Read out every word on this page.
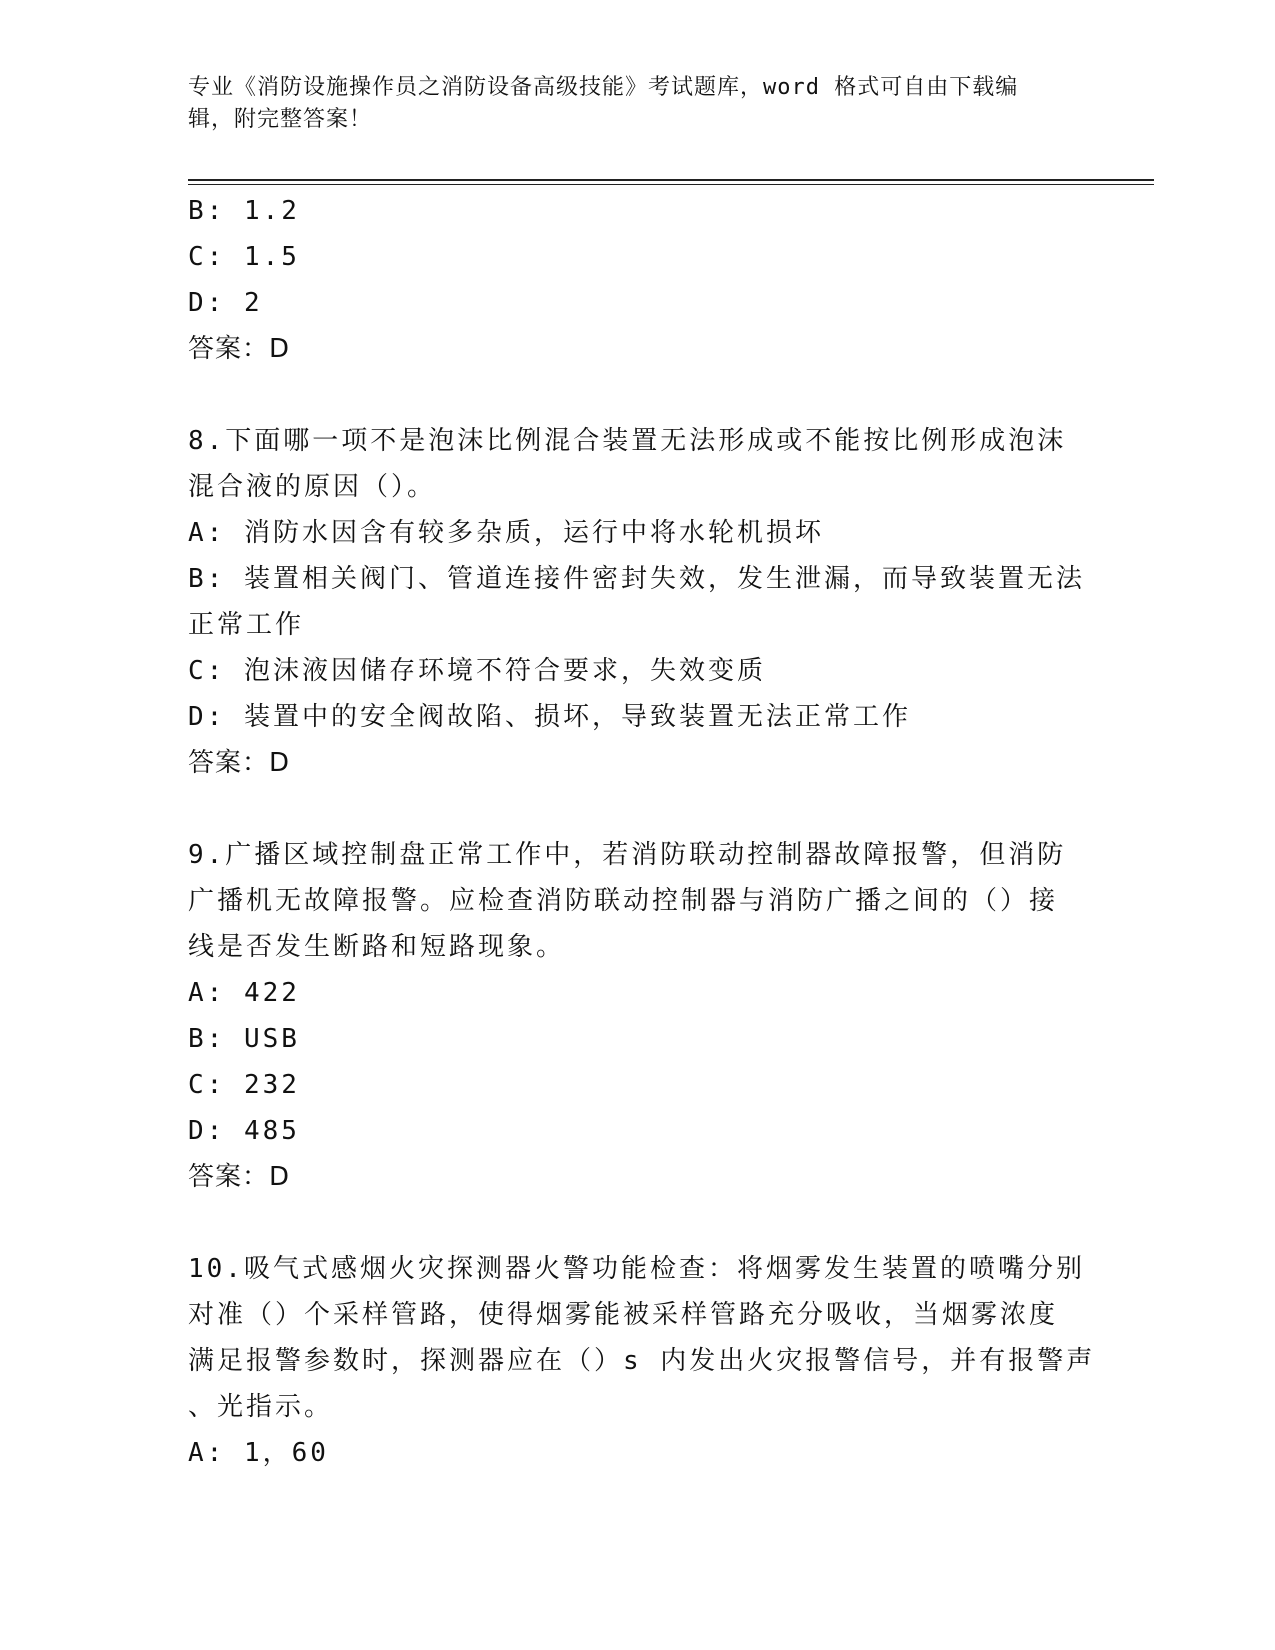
专业《消防设施操作员之消防设备高级技能》考试题库，word 格式可自由下载编
辑，附完整答案！
B: 1.2
C: 1.5
D: 2
答案：D
8.下面哪一项不是泡沫比例混合装置无法形成或不能按比例形成泡沫
混合液的原因（）。
A: 消防水因含有较多杂质，运行中将水轮机损坏
B: 装置相关阀门、管道连接件密封失效，发生泄漏，而导致装置无法
正常工作
C: 泡沫液因储存环境不符合要求，失效变质
D: 装置中的安全阀故陷、损坏，导致装置无法正常工作
答案：D
9.广播区域控制盘正常工作中，若消防联动控制器故障报警，但消防
广播机无故障报警。应检查消防联动控制器与消防广播之间的（）接
线是否发生断路和短路现象。
A: 422
B: USB
C: 232
D: 485
答案：D
10.吸气式感烟火灾探测器火警功能检查：将烟雾发生装置的喷嘴分别
对准（）个采样管路，使得烟雾能被采样管路充分吸收，当烟雾浓度
满足报警参数时，探测器应在（）s 内发出火灾报警信号，并有报警声
、光指示。
A: 1，60
